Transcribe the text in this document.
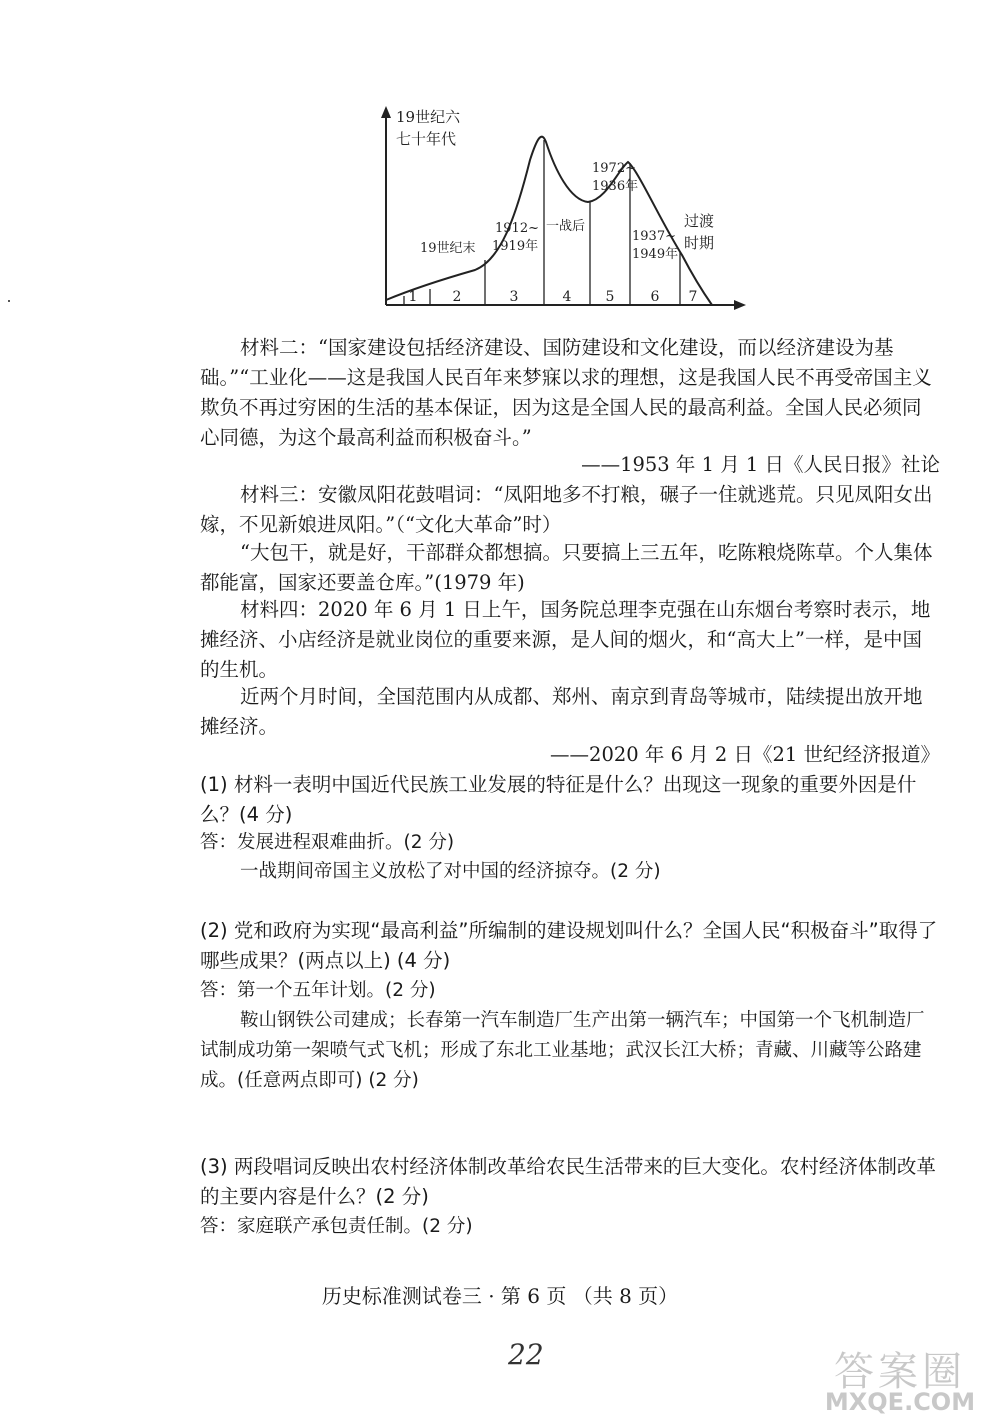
19世纪六
七十年代
1972~
1936年
19世纪末
1912~
1919年
一战后
1937~
1949年
过渡
时期
1	2	3	4 5	6 7

材料二：“国家建设包括经济建设、国防建设和文化建设，而以经济建设为基础。”“工业化——这是我国人民百年来梦寐以求的理想，这是我国人民不再受帝国主义欺负不再过穷困的生活的基本保证，因为这是全国人民的最高利益。全国人民必须同心同德，为这个最高利益而积极奋斗。”

——1953 年 1 月 1 日《人民日报》社论

材料三：安徽凤阳花鼓唱词：“凤阳地多不打粮，碾子一住就逃荒。只见凤阳女出嫁，不见新娘进凤阳。”（“文化大革命”时）

“大包干，就是好，干部群众都想搞。只要搞上三五年，吃陈粮烧陈草。个人集体都能富，国家还要盖仓库。”(1979 年)

材料四：2020 年 6 月 1 日上午，国务院总理李克强在山东烟台考察时表示，地摊经济、小店经济是就业岗位的重要来源，是人间的烟火，和“高大上”一样，是中国的生机。

近两个月时间，全国范围内从成都、郑州、南京到青岛等城市，陆续提出放开地摊经济。

——2020 年 6 月 2 日《21 世纪经济报道》

(1) 材料一表明中国近代民族工业发展的特征是什么？出现这一现象的重要外因是什么？(4 分)

答：发展进程艰难曲折。(2 分)

一战期间帝国主义放松了对中国的经济掠夺。(2 分)

(2) 党和政府为实现“最高利益”所编制的建设规划叫什么？全国人民“积极奋斗”取得了哪些成果？(两点以上) (4 分)

答：第一个五年计划。(2 分)

鞍山钢铁公司建成；长春第一汽车制造厂生产出第一辆汽车；中国第一个飞机制造厂试制成功第一架喷气式飞机；形成了东北工业基地；武汉长江大桥；青藏、川藏等公路建成。(任意两点即可) (2 分)

(3) 两段唱词反映出农村经济体制改革给农民生活带来的巨大变化。农村经济体制改革的主要内容是什么？(2 分)

答：家庭联产承包责任制。(2 分)

历史标准测试卷三 · 第 6 页 （共 8 页）
22	答案圈
MXQE.COM
